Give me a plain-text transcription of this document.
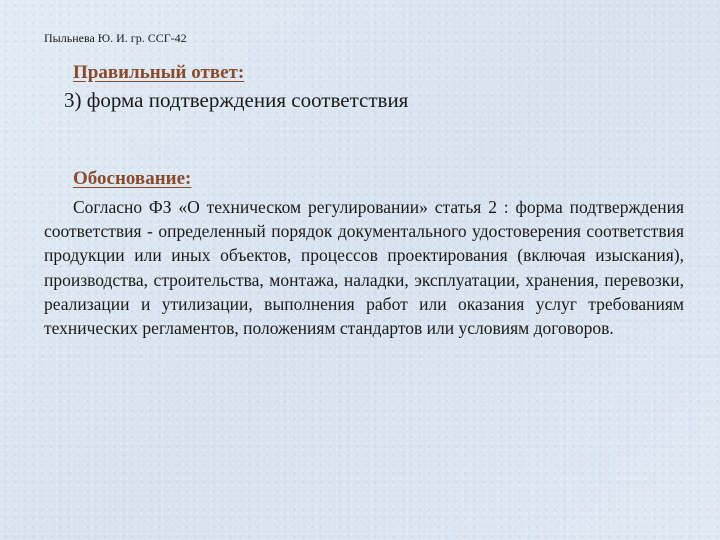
Пыльнева Ю. И. гр. ССГ-42
Правильный ответ:
3) форма подтверждения соответствия
Обоснование:
Согласно ФЗ «О техническом регулировании» статья 2 : форма подтверждения соответствия - определенный порядок документального удостоверения соответствия продукции или иных объектов, процессов проектирования (включая изыскания), производства, строительства, монтажа, наладки, эксплуатации, хранения, перевозки, реализации и утилизации, выполнения работ или оказания услуг требованиям технических регламентов, положениям стандартов или условиям договоров.
